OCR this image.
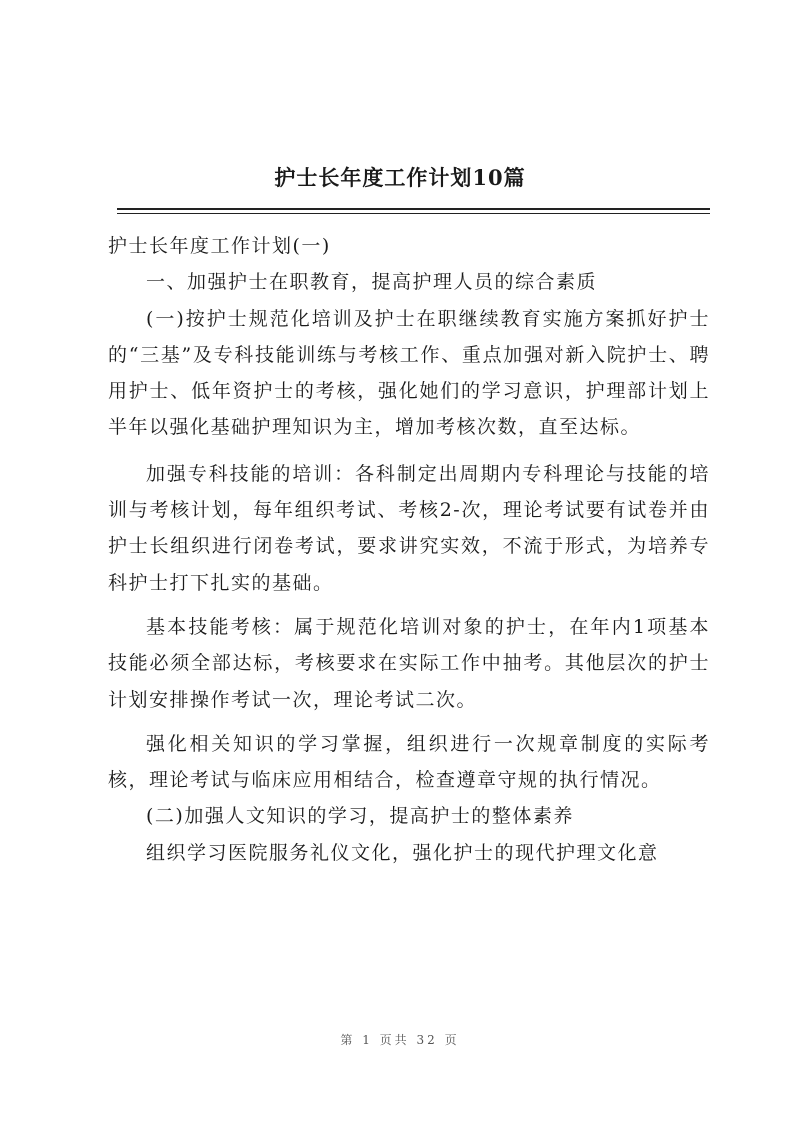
护士长年度工作计划10篇

护士长年度工作计划(一)

一、加强护士在职教育，提高护理人员的综合素质

(一)按护士规范化培训及护士在职继续教育实施方案抓好护士的“三基”及专科技能训练与考核工作、重点加强对新入院护士、聘用护士、低年资护士的考核，强化她们的学习意识，护理部计划上半年以强化基础护理知识为主，增加考核次数，直至达标。

加强专科技能的培训：各科制定出周期内专科理论与技能的培训与考核计划，每年组织考试、考核2-次，理论考试要有试卷并由护士长组织进行闭卷考试，要求讲究实效，不流于形式，为培养专科护士打下扎实的基础。

基本技能考核：属于规范化培训对象的护士，在年内1项基本技能必须全部达标，考核要求在实际工作中抽考。其他层次的护士计划安排操作考试一次，理论考试二次。

强化相关知识的学习掌握，组织进行一次规章制度的实际考核，理论考试与临床应用相结合，检查遵章守规的执行情况。

(二)加强人文知识的学习，提高护士的整体素养

组织学习医院服务礼仪文化，强化护士的现代护理文化意

第 1 页共 32 页
